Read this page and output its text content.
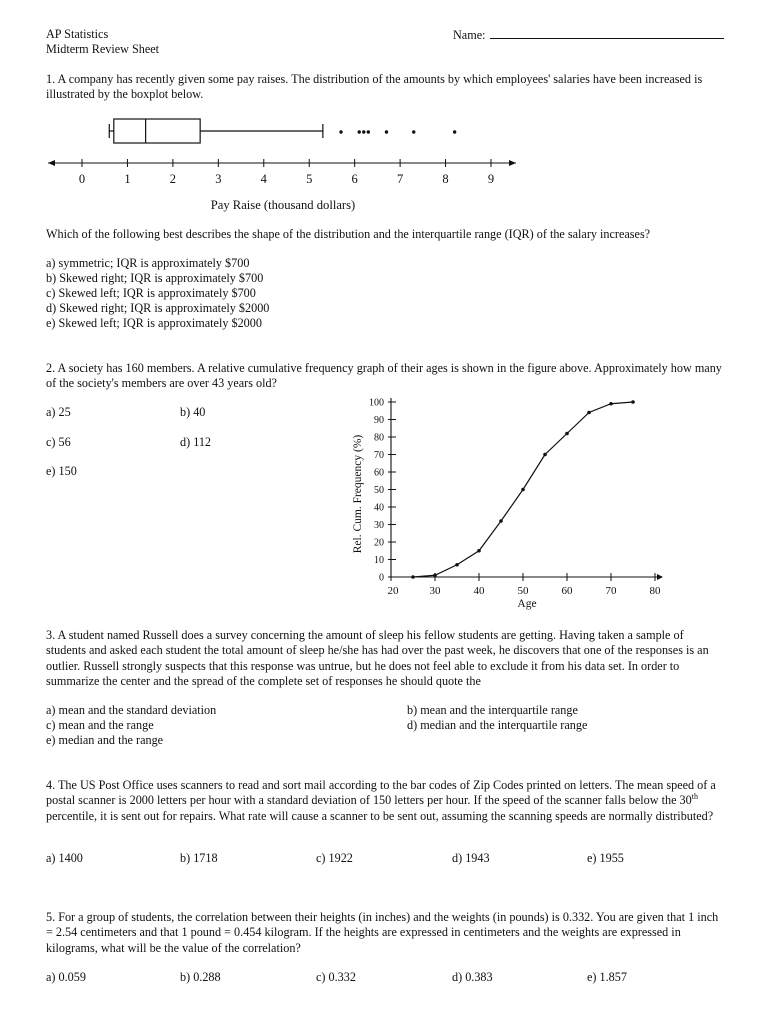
AP Statistics
Midterm Review Sheet
Name:
1. A company has recently given some pay raises. The distribution of the amounts by which employees' salaries have been increased is illustrated by the boxplot below.
0	1	2	3	4	5	6	7	8	9
Pay Raise (thousand dollars)
Which of the following best describes the shape of the distribution and the interquartile range (IQR) of the salary increases?
a) symmetric; IQR is approximately $700
b) Skewed right; IQR is approximately $700
c) Skewed left; IQR is approximately $700
d) Skewed right; IQR is approximately $2000
e) Skewed left; IQR is approximately $2000
2. A society has 160 members. A relative cumulative frequency graph of their ages is shown in the figure above. Approximately how many of the society's members are over 43 years old?
a) 25	b) 40
c) 56	d) 112
e) 150
0
10
20
30
40
50
60
70
80
90
100
20	30	40	50	60	70	80
Rel. Cum. Frequency (%)
Age
3. A student named Russell does a survey concerning the amount of sleep his fellow students are getting. Having taken a sample of students and asked each student the total amount of sleep he/she has had over the past week, he discovers that one of the responses is an outlier. Russell strongly suspects that this response was untrue, but he does not feel able to exclude it from his data set. In order to summarize the center and the spread of the complete set of responses he should quote the
a) mean and the standard deviation	b) mean and the interquartile range
c) mean and the range	d) median and the interquartile range
e) median and the range
4. The US Post Office uses scanners to read and sort mail according to the bar codes of Zip Codes printed on letters. The mean speed of a postal scanner is 2000 letters per hour with a standard deviation of 150 letters per hour. If the speed of the scanner falls below the 30th percentile, it is sent out for repairs. What rate will cause a scanner to be sent out, assuming the scanning speeds are normally distributed?
a) 1400	b) 1718	c) 1922	d) 1943	e) 1955
5. For a group of students, the correlation between their heights (in inches) and the weights (in pounds) is 0.332. You are given that 1 inch = 2.54 centimeters and that 1 pound = 0.454 kilogram. If the heights are expressed in centimeters and the weights are expressed in kilograms, what will be the value of the correlation?
a) 0.059	b) 0.288	c) 0.332	d) 0.383	e) 1.857
